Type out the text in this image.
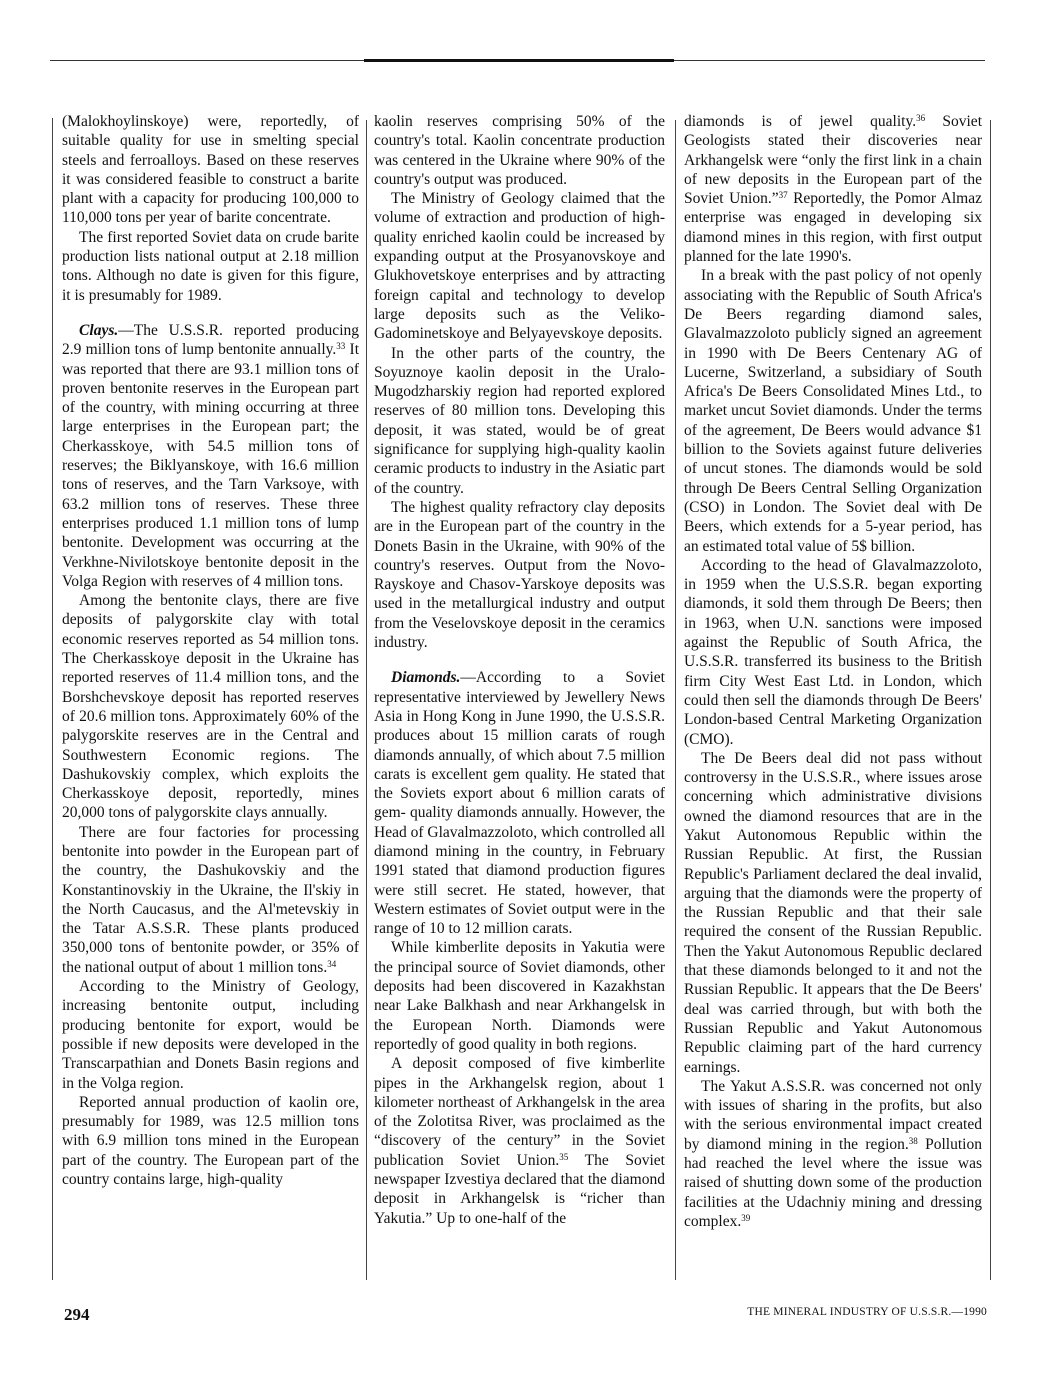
(Malokhoylinskoye) were, reportedly, of suitable quality for use in smelting special steels and ferroalloys. Based on these reserves it was considered feasible to construct a barite plant with a capacity for producing 100,000 to 110,000 tons per year of barite concentrate.

The first reported Soviet data on crude barite production lists national output at 2.18 million tons. Although no date is given for this figure, it is presumably for 1989.

Clays.—The U.S.S.R. reported producing 2.9 million tons of lump bentonite annually.$^{33}$ It was reported that there are 93.1 million tons of proven bentonite reserves in the European part of the country, with mining occurring at three large enterprises in the European part; the Cherkasskoye, with 54.5 million tons of reserves; the Biklyanskoye, with 16.6 million tons of reserves, and the Tarn Varksoye, with 63.2 million tons of reserves. These three enterprises produced 1.1 million tons of lump bentonite. Development was occurring at the Verkhne-Nivilotskoye bentonite deposit in the Volga Region with reserves of 4 million tons.

Among the bentonite clays, there are five deposits of palygorskite clay with total economic reserves reported as 54 million tons. The Cherkasskoye deposit in the Ukraine has reported reserves of 11.4 million tons, and the Borshchevskoye deposit has reported reserves of 20.6 million tons. Approximately 60% of the palygorskite reserves are in the Central and Southwestern Economic regions. The Dashukovskiy complex, which exploits the Cherkasskoye deposit, reportedly, mines 20,000 tons of palygorskite clays annually.

There are four factories for processing bentonite into powder in the European part of the country, the Dashukovskiy and the Konstantinovskiy in the Ukraine, the Il'skiy in the North Caucasus, and the Al'metevskiy in the Tatar A.S.S.R. These plants produced 350,000 tons of bentonite powder, or 35% of the national output of about 1 million tons.$^{34}$

According to the Ministry of Geology, increasing bentonite output, including producing bentonite for export, would be possible if new deposits were developed in the Transcarpathian and Donets Basin regions and in the Volga region.

Reported annual production of kaolin ore, presumably for 1989, was 12.5 million tons with 6.9 million tons mined in the European part of the country. The European part of the country contains large, high-quality

kaolin reserves comprising 50% of the country's total. Kaolin concentrate production was centered in the Ukraine where 90% of the country's output was produced.

The Ministry of Geology claimed that the volume of extraction and production of high-quality enriched kaolin could be increased by expanding output at the Prosyanovskoye and Glukhovetskoye enterprises and by attracting foreign capital and technology to develop large deposits such as the Veliko-Gadominetskoye and Belyayevskoye deposits.

In the other parts of the country, the Soyuznoye kaolin deposit in the Uralo-Mugodzharskiy region had reported explored reserves of 80 million tons. Developing this deposit, it was stated, would be of great significance for supplying high-quality kaolin ceramic products to industry in the Asiatic part of the country.

The highest quality refractory clay deposits are in the European part of the country in the Donets Basin in the Ukraine, with 90% of the country's reserves. Output from the Novo-Rayskoye and Chasov-Yarskoye deposits was used in the metallurgical industry and output from the Veselovskoye deposit in the ceramics industry.

Diamonds.—According to a Soviet representative interviewed by Jewellery News Asia in Hong Kong in June 1990, the U.S.S.R. produces about 15 million carats of rough diamonds annually, of which about 7.5 million carats is excellent gem quality. He stated that the Soviets export about 6 million carats of gem- quality diamonds annually. However, the Head of Glavalmazzoloto, which controlled all diamond mining in the country, in February 1991 stated that diamond production figures were still secret. He stated, however, that Western estimates of Soviet output were in the range of 10 to 12 million carats.

While kimberlite deposits in Yakutia were the principal source of Soviet diamonds, other deposits had been discovered in Kazakhstan near Lake Balkhash and near Arkhangelsk in the European North. Diamonds were reportedly of good quality in both regions.

A deposit composed of five kimberlite pipes in the Arkhangelsk region, about 1 kilometer northeast of Arkhangelsk in the area of the Zolotitsa River, was proclaimed as the “discovery of the century” in the Soviet publication Soviet Union.$^{35}$ The Soviet newspaper Izvestiya declared that the diamond deposit in Arkhangelsk is “richer than Yakutia.” Up to one-half of the

diamonds is of jewel quality.$^{36}$ Soviet Geologists stated their discoveries near Arkhangelsk were “only the first link in a chain of new deposits in the European part of the Soviet Union.”$^{37}$ Reportedly, the Pomor Almaz enterprise was engaged in developing six diamond mines in this region, with first output planned for the late 1990's.

In a break with the past policy of not openly associating with the Republic of South Africa's De Beers regarding diamond sales, Glavalmazzoloto publicly signed an agreement in 1990 with De Beers Centenary AG of Lucerne, Switzerland, a subsidiary of South Africa's De Beers Consolidated Mines Ltd., to market uncut Soviet diamonds. Under the terms of the agreement, De Beers would advance $1 billion to the Soviets against future deliveries of uncut stones. The diamonds would be sold through De Beers Central Selling Organization (CSO) in London. The Soviet deal with De Beers, which extends for a 5-year period, has an estimated total value of 5$ billion.

According to the head of Glavalmazzoloto, in 1959 when the U.S.S.R. began exporting diamonds, it sold them through De Beers; then in 1963, when U.N. sanctions were imposed against the Republic of South Africa, the U.S.S.R. transferred its business to the British firm City West East Ltd. in London, which could then sell the diamonds through De Beers' London-based Central Marketing Organization (CMO).

The De Beers deal did not pass without controversy in the U.S.S.R., where issues arose concerning which administrative divisions owned the diamond resources that are in the Yakut Autonomous Republic within the Russian Republic. At first, the Russian Republic's Parliament declared the deal invalid, arguing that the diamonds were the property of the Russian Republic and that their sale required the consent of the Russian Republic. Then the Yakut Autonomous Republic declared that these diamonds belonged to it and not the Russian Republic. It appears that the De Beers' deal was carried through, but with both the Russian Republic and Yakut Autonomous Republic claiming part of the hard currency earnings.

The Yakut A.S.S.R. was concerned not only with issues of sharing in the profits, but also with the serious environmental impact created by diamond mining in the region.$^{38}$ Pollution had reached the level where the issue was raised of shutting down some of the production facilities at the Udachniy mining and dressing complex.$^{39}$

294	THE MINERAL INDUSTRY OF U.S.S.R.—1990
